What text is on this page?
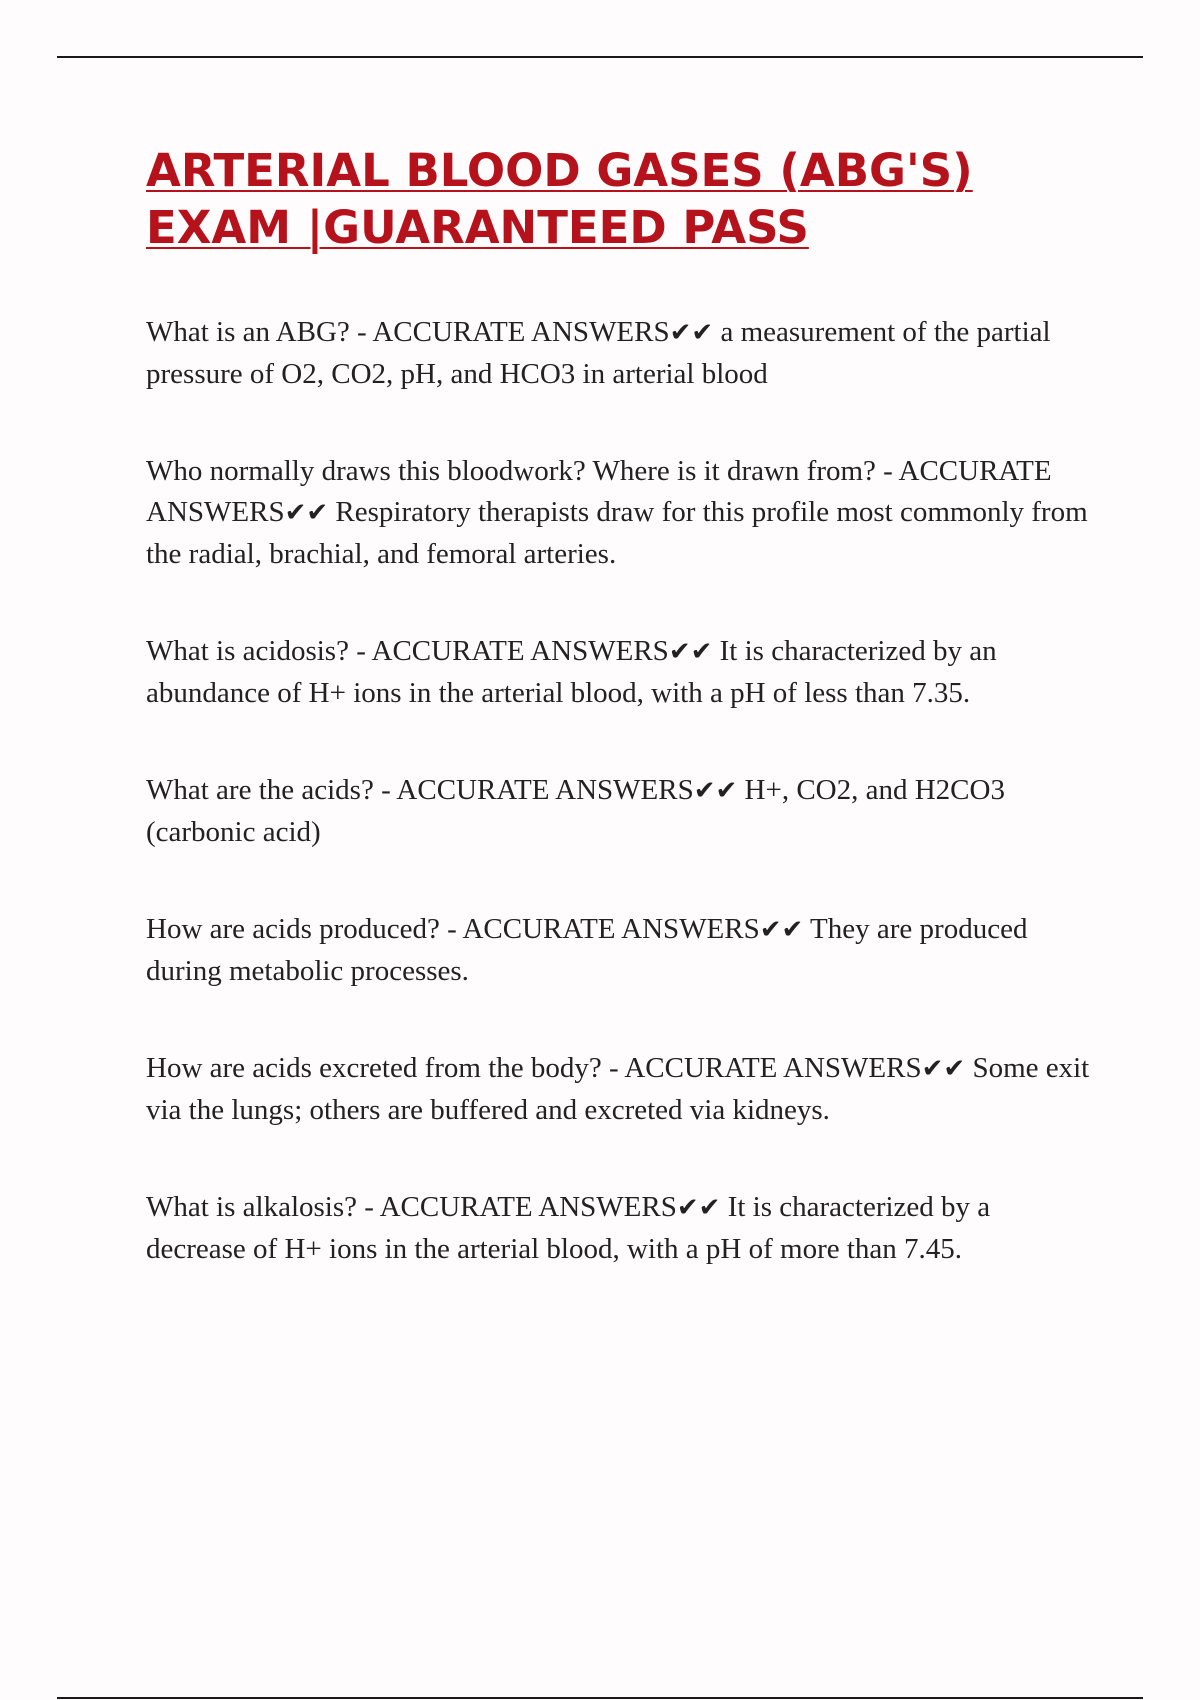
ARTERIAL BLOOD GASES (ABG'S)
EXAM |GUARANTEED PASS

What is an ABG? - ACCURATE ANSWERS✔✔ a measurement of the partial pressure of O2, CO2, pH, and HCO3 in arterial blood

Who normally draws this bloodwork? Where is it drawn from? - ACCURATE ANSWERS✔✔ Respiratory therapists draw for this profile most commonly from the radial, brachial, and femoral arteries.

What is acidosis? - ACCURATE ANSWERS✔✔ It is characterized by an abundance of H+ ions in the arterial blood, with a pH of less than 7.35.

What are the acids? - ACCURATE ANSWERS✔✔ H+, CO2, and H2CO3 (carbonic acid)

How are acids produced? - ACCURATE ANSWERS✔✔ They are produced during metabolic processes.

How are acids excreted from the body? - ACCURATE ANSWERS✔✔ Some exit via the lungs; others are buffered and excreted via kidneys.

What is alkalosis? - ACCURATE ANSWERS✔✔ It is characterized by a decrease of H+ ions in the arterial blood, with a pH of more than 7.45.
